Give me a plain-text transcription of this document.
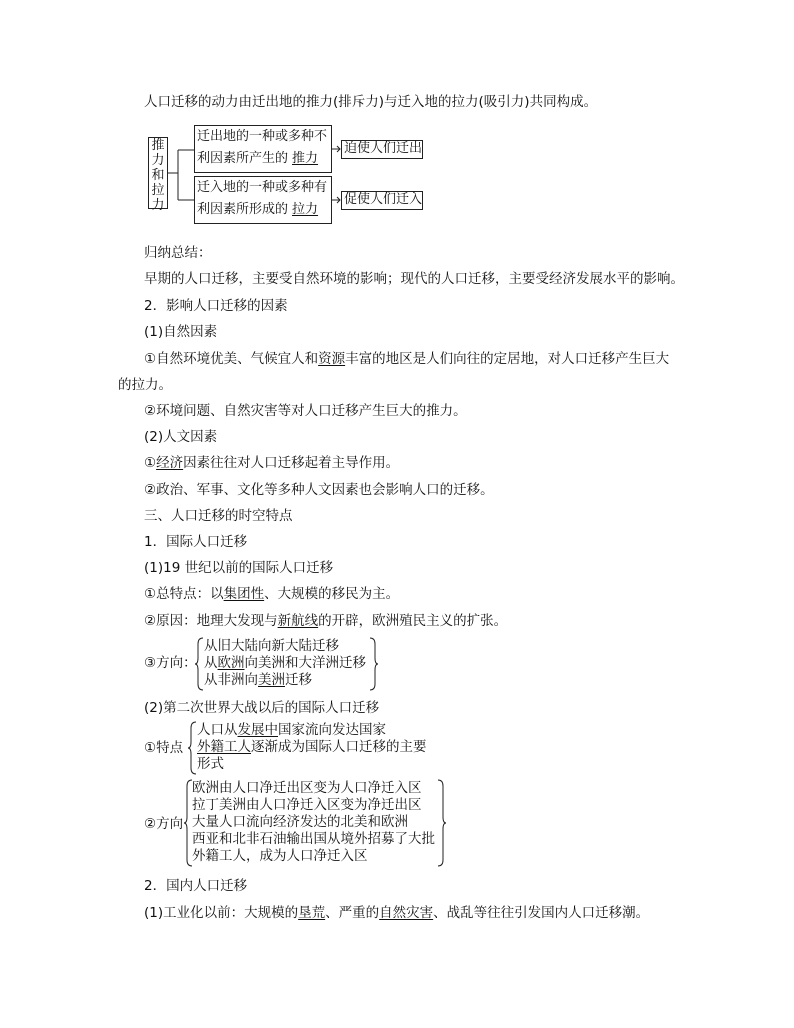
人口迁移的动力由迁出地的推力(排斥力)与迁入地的拉力(吸引力)共同构成。
推
力
和
拉
力
迁出地的一种或多种不
利因素所产生的 推力
迫使人们迁出
迁入地的一种或多种有
利因素所形成的 拉力
促使人们迁入
归纳总结：
早期的人口迁移，主要受自然环境的影响；现代的人口迁移，主要受经济发展水平的影响。
2．影响人口迁移的因素
(1)自然因素
①自然环境优美、气候宜人和资源丰富的地区是人们向往的定居地，对人口迁移产生巨大
的拉力。
②环境问题、自然灾害等对人口迁移产生巨大的推力。
(2)人文因素
①经济因素往往对人口迁移起着主导作用。
②政治、军事、文化等多种人文因素也会影响人口的迁移。
三、人口迁移的时空特点
1．国际人口迁移
(1)19 世纪以前的国际人口迁移
①总特点：以集团性、大规模的移民为主。
②原因：地理大发现与新航线的开辟，欧洲殖民主义的扩张。
③方向：
从旧大陆向新大陆迁移
从欧洲向美洲和大洋洲迁移
从非洲向美洲迁移
(2)第二次世界大战以后的国际人口迁移
①特点
人口从发展中国家流向发达国家
外籍工人逐渐成为国际人口迁移的主要
形式
②方向
欧洲由人口净迁出区变为人口净迁入区
拉丁美洲由人口净迁入区变为净迁出区
大量人口流向经济发达的北美和欧洲
西亚和北非石油输出国从境外招募了大批
外籍工人，成为人口净迁入区
2．国内人口迁移
(1)工业化以前：大规模的垦荒、严重的自然灾害、战乱等往往引发国内人口迁移潮。
